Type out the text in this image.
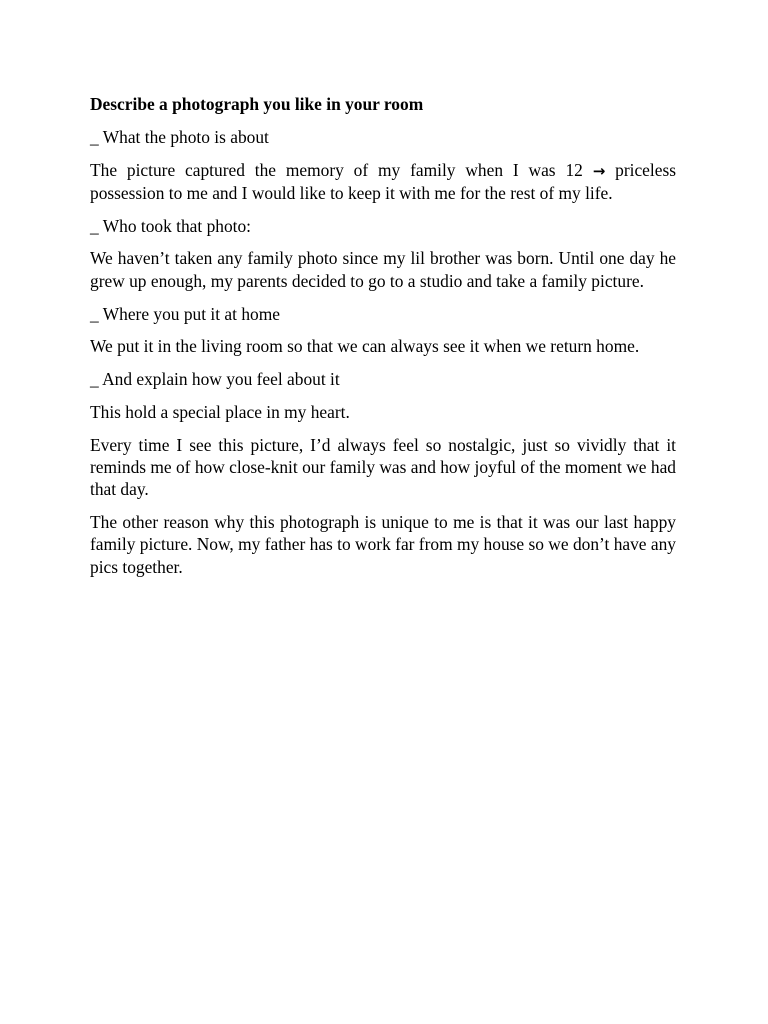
Describe a photograph you like in your room

_ What the photo is about

The picture captured the memory of my family when I was 12 → priceless possession to me and I would like to keep it with me for the rest of my life.

_ Who took that photo:

We haven’t taken any family photo since my lil brother was born. Until one day he grew up enough, my parents decided to go to a studio and take a family picture.

_ Where you put it at home

We put it in the living room so that we can always see it when we return home.

_ And explain how you feel about it

This hold a special place in my heart.

Every time I see this picture, I’d always feel so nostalgic, just so vividly that it reminds me of how close-knit our family was and how joyful of the moment we had that day.

The other reason why this photograph is unique to me is that it was our last happy family picture. Now, my father has to work far from my house so we don’t have any pics together.
